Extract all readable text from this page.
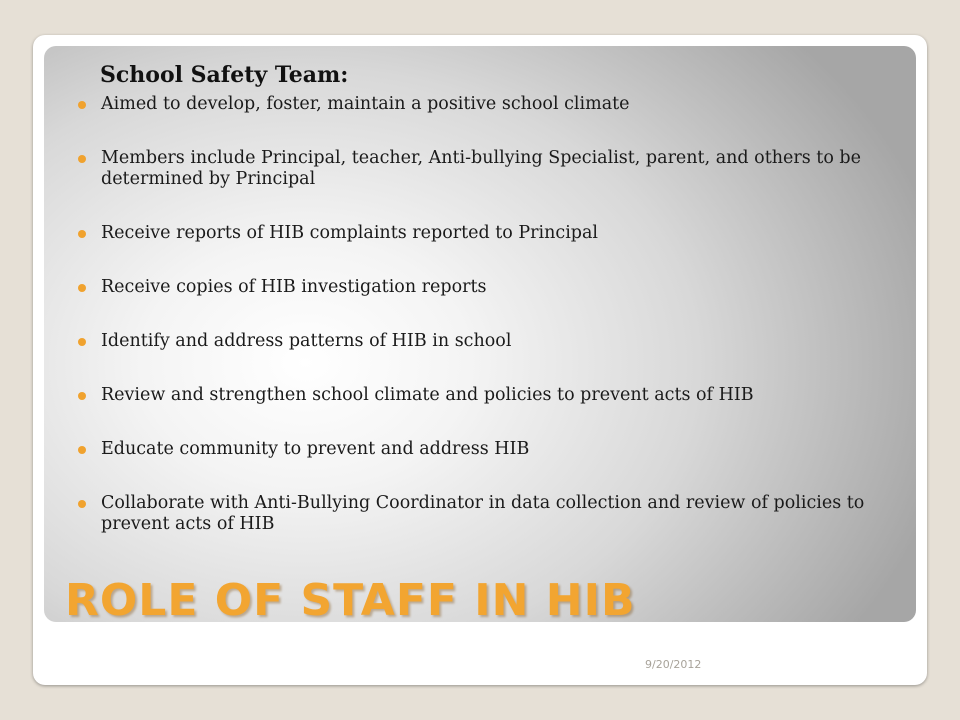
School Safety Team:
Aimed to develop, foster, maintain a positive school climate
Members include Principal, teacher, Anti-bullying Specialist, parent, and others to be determined by Principal
Receive reports of HIB complaints reported to Principal
Receive copies of HIB investigation reports
Identify and address patterns of HIB in school
Review and strengthen school climate and policies to prevent acts of HIB
Educate community to prevent and address HIB
Collaborate with Anti-Bullying Coordinator in data collection and review of policies to prevent acts of HIB
ROLE OF STAFF IN HIB
9/20/2012
